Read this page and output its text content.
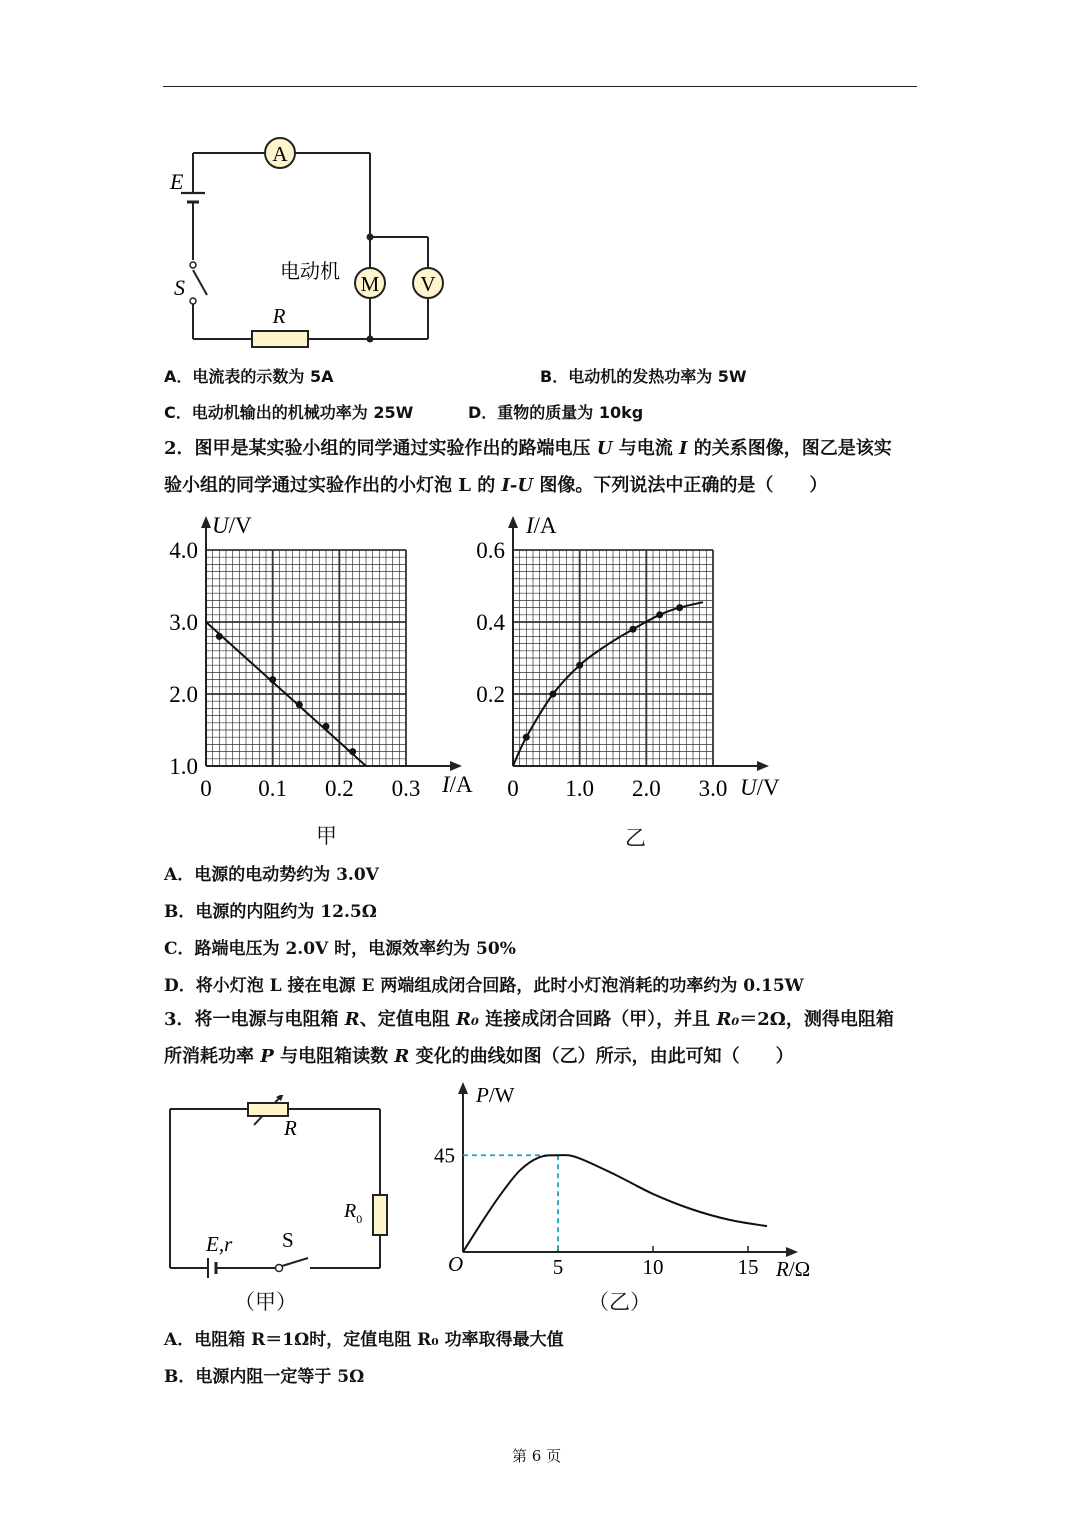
A
M V
R
E
S
电动机
A．电流表的示数为 5A	B．电动机的发热功率为 5W
C．电动机输出的机械功率为 25W	D．重物的质量为 10kg
2．图甲是某实验小组的同学通过实验作出的路端电压 U 与电流 I 的关系图像，图乙是该实
验小组的同学通过实验作出的小灯泡 L 的 I-U 图像。下列说法中正确的是（　　）
0 0.1 0.2 0.3
1.0
2.0
3.0
4.0
U/V
I/A
甲
0 1.0 2.0 3.0
0.2
0.4
0.6
I/A
U/V
乙
A．电源的电动势约为 3.0V
B．电源的内阻约为 12.5Ω
C．路端电压为 2.0V 时，电源效率约为 50%
D．将小灯泡 L 接在电源 E 两端组成闭合回路，此时小灯泡消耗的功率约为 0.15W
3．将一电源与电阻箱 R、定值电阻 R₀ 连接成闭合回路（甲），并且 R₀＝2Ω，测得电阻箱
所消耗功率 P 与电阻箱读数 R 变化的曲线如图（乙）所示，由此可知（　　）
R
$R_0$
E,r S
（甲）
5	10	15
45
P/W
R/Ω
O
（乙）
A．电阻箱 R＝1Ω时，定值电阻 R₀ 功率取得最大值
B．电源内阻一定等于 5Ω
第 6 页
